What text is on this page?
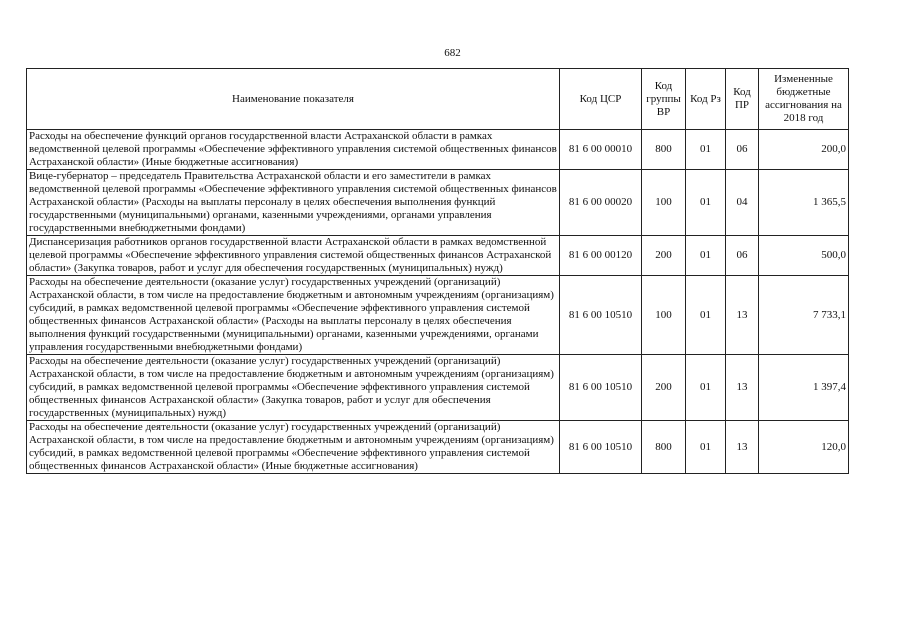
682
Наименование показателя	Код ЦСР	Код группы ВР	Код Рз	Код ПР	Измененные бюджетные ассигнования на 2018 год
Расходы на обеспечение функций органов государственной власти Астраханской области в рамках ведомственной целевой программы «Обеспечение эффективного управления системой общественных финансов Астраханской области» (Иные бюджетные ассигнования)	81 6 00 00010	800	01	06	200,0
Вице-губернатор – председатель Правительства Астраханской области и его заместители в рамках ведомственной целевой программы «Обеспечение эффективного управления системой общественных финансов Астраханской области» (Расходы на выплаты персоналу в целях обеспечения выполнения функций государственными (муниципальными) органами, казенными учреждениями, органами управления государственными внебюджетными фондами)	81 6 00 00020	100	01	04	1 365,5
Диспансеризация работников органов государственной власти Астраханской области в рамках ведомственной целевой программы «Обеспечение эффективного управления системой общественных финансов Астраханской области» (Закупка товаров, работ и услуг для обеспечения государственных (муниципальных) нужд)	81 6 00 00120	200	01	06	500,0
Расходы на обеспечение деятельности (оказание услуг) государственных учреждений (организаций) Астраханской области, в том числе на предоставление бюджетным и автономным учреждениям (организациям) субсидий, в рамках ведомственной целевой программы «Обеспечение эффективного управления системой общественных финансов Астраханской области» (Расходы на выплаты персоналу в целях обеспечения выполнения функций государственными (муниципальными) органами, казенными учреждениями, органами управления государственными внебюджетными фондами)	81 6 00 10510	100	01	13	7 733,1
Расходы на обеспечение деятельности (оказание услуг) государственных учреждений (организаций) Астраханской области, в том числе на предоставление бюджетным и автономным учреждениям (организациям) субсидий, в рамках ведомственной целевой программы «Обеспечение эффективного управления системой общественных финансов Астраханской области» (Закупка товаров, работ и услуг для обеспечения государственных (муниципальных) нужд)	81 6 00 10510	200	01	13	1 397,4
Расходы на обеспечение деятельности (оказание услуг) государственных учреждений (организаций) Астраханской области, в том числе на предоставление бюджетным и автономным учреждениям (организациям) субсидий, в рамках ведомственной целевой программы «Обеспечение эффективного управления системой общественных финансов Астраханской области» (Иные бюджетные ассигнования)	81 6 00 10510	800	01	13	120,0
